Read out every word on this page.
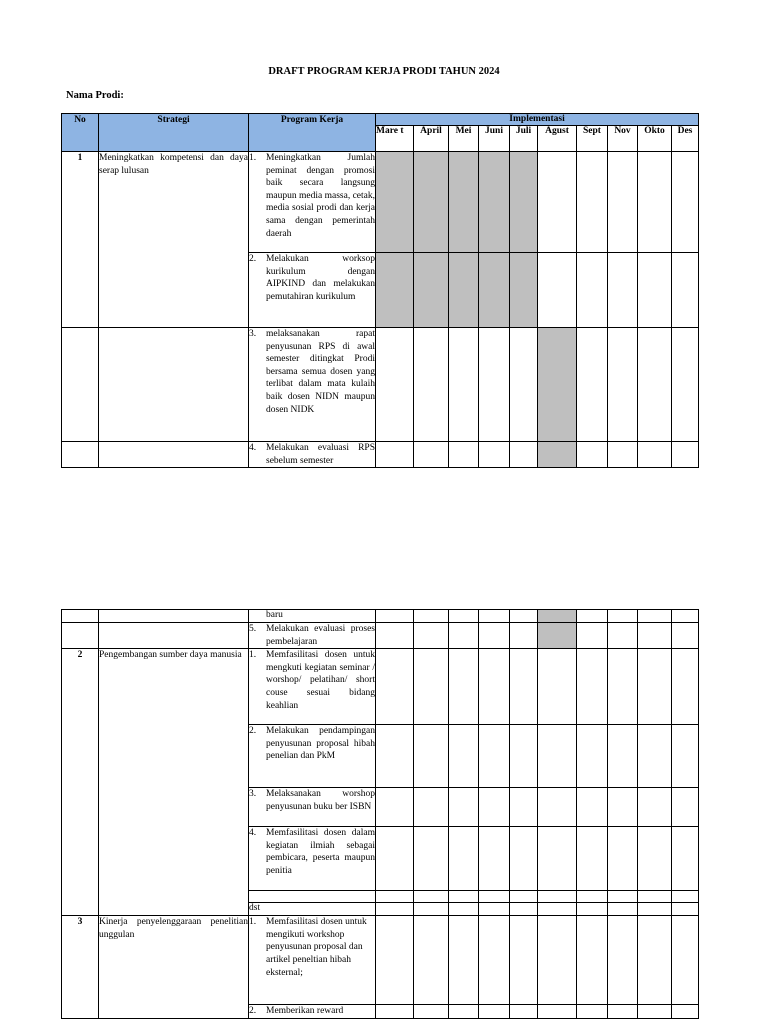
DRAFT PROGRAM KERJA PRODI TAHUN 2024
Nama Prodi:
No	Strategi	Program Kerja	Implementasi									
			Mare t	April	Mei	Juni	Juli	Agust	Sept	Nov	Okto	Des
1	Meningkatkan kompetensi dan daya serap lulusan	1. Meningkatkan Jumlah peminat dengan promosi baik secara langsung maupun media massa, cetak, media sosial prodi dan kerja sama dengan pemerintah daerah										

		2. Melakukan worksop kurikulum dengan AIPKIND dan melakukan pemutahiran kurikulum										

		3. melaksanakan rapat penyusunan RPS di awal semester ditingkat Prodi bersama semua dosen yang terlibat dalam mata kulaih baik dosen NIDN maupun dosen NIDK										

		4. Melakukan evaluasi RPS sebelum semester										

		baru										

		5. Melakukan evaluasi proses pembelajaran										

2	Pengembangan sumber daya manusia	1. Memfasilitasi dosen untuk mengkuti kegiatan seminar / worshop/ pelatihan/ short couse sesuai bidang keahlian										

		2. Melakukan pendampingan penyusunan proposal hibah penelian dan PkM										

		3. Melaksanakan worshop penyusunan buku ber ISBN										

		4. Memfasilitasi dosen dalam kegiatan ilmiah sebagai pembicara, peserta maupun penitia										

		dst										

3	Kinerja penyelenggaraan penelitian unggulan	1. Memfasilitasi dosen untuk mengikuti workshop penyusunan proposal dan artikel peneltian hibah eksternal;										

		2. Memberikan reward										
